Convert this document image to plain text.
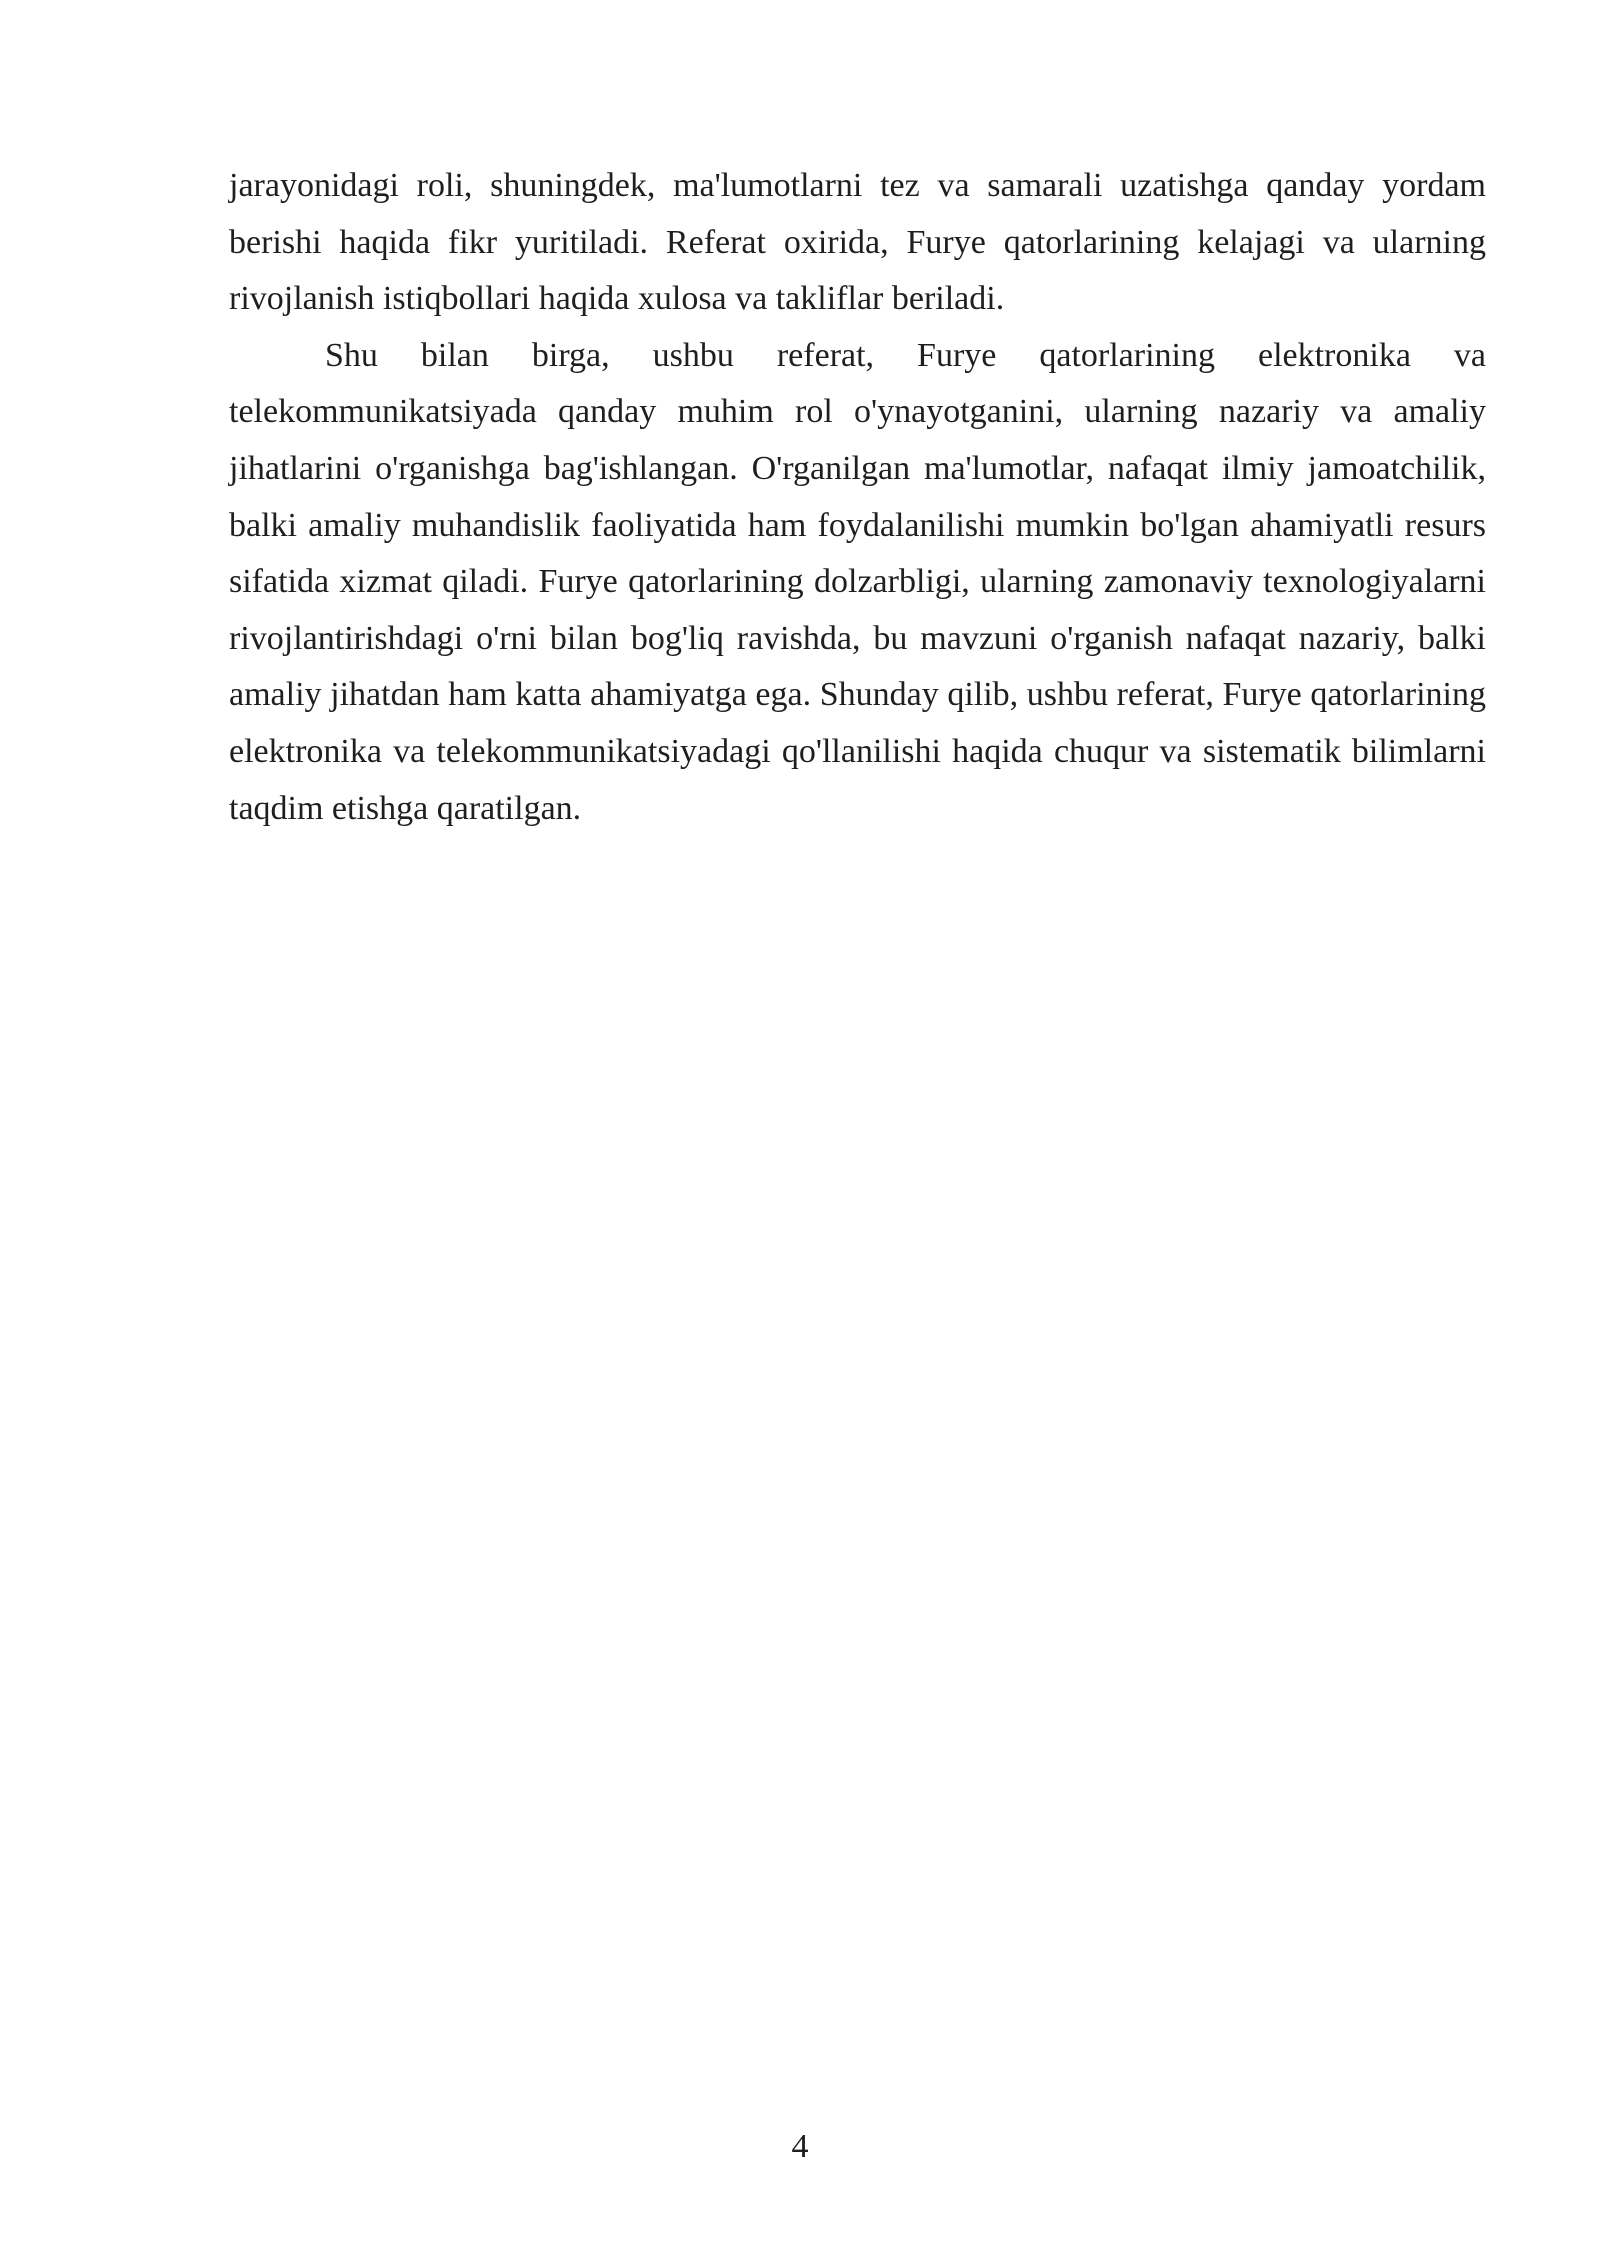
jarayonidagi roli, shuningdek, ma'lumotlarni tez va samarali uzatishga qanday yordam berishi haqida fikr yuritiladi. Referat oxirida, Furye qatorlarining kelajagi va ularning rivojlanish istiqbollari haqida xulosa va takliflar beriladi.

Shu bilan birga, ushbu referat, Furye qatorlarining elektronika va telekommunikatsiyada qanday muhim rol o'ynayotganini, ularning nazariy va amaliy jihatlarini o'rganishga bag'ishlangan. O'rganilgan ma'lumotlar, nafaqat ilmiy jamoatchilik, balki amaliy muhandislik faoliyatida ham foydalanilishi mumkin bo'lgan ahamiyatli resurs sifatida xizmat qiladi. Furye qatorlarining dolzarbligi, ularning zamonaviy texnologiyalarni rivojlantirishdagi o'rni bilan bog'liq ravishda, bu mavzuni o'rganish nafaqat nazariy, balki amaliy jihatdan ham katta ahamiyatga ega. Shunday qilib, ushbu referat, Furye qatorlarining elektronika va telekommunikatsiyadagi qo'llanilishi haqida chuqur va sistematik bilimlarni taqdim etishga qaratilgan.

4
